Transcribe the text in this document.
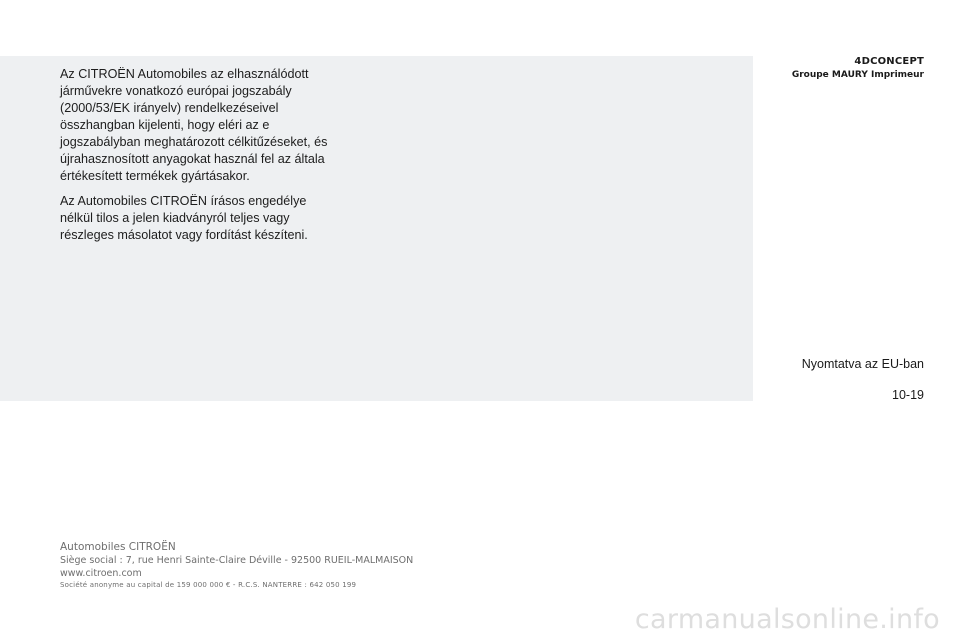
Az CITROËN Automobiles az elhasználódott járművekre vonatkozó európai jogszabály (2000/53/EK irányelv) rendelkezéseivel összhangban kijelenti, hogy eléri az e jogszabályban meghatározott célkitűzéseket, és újrahasznosított anyagokat használ fel az általa értékesített termékek gyártásakor.

Az Automobiles CITROËN írásos engedélye nélkül tilos a jelen kiadványról teljes vagy részleges másolatot vagy fordítást készíteni.

4DCONCEPT
Groupe MAURY Imprimeur
Nyomtatva az EU-ban
10-19
Automobiles CITROËN
Siège social : 7, rue Henri Sainte-Claire Déville - 92500 RUEIL-MALMAISON
www.citroen.com
Société anonyme au capital de 159 000 000 € - R.C.S. NANTERRE : 642 050 199
carmanualsonline.info
